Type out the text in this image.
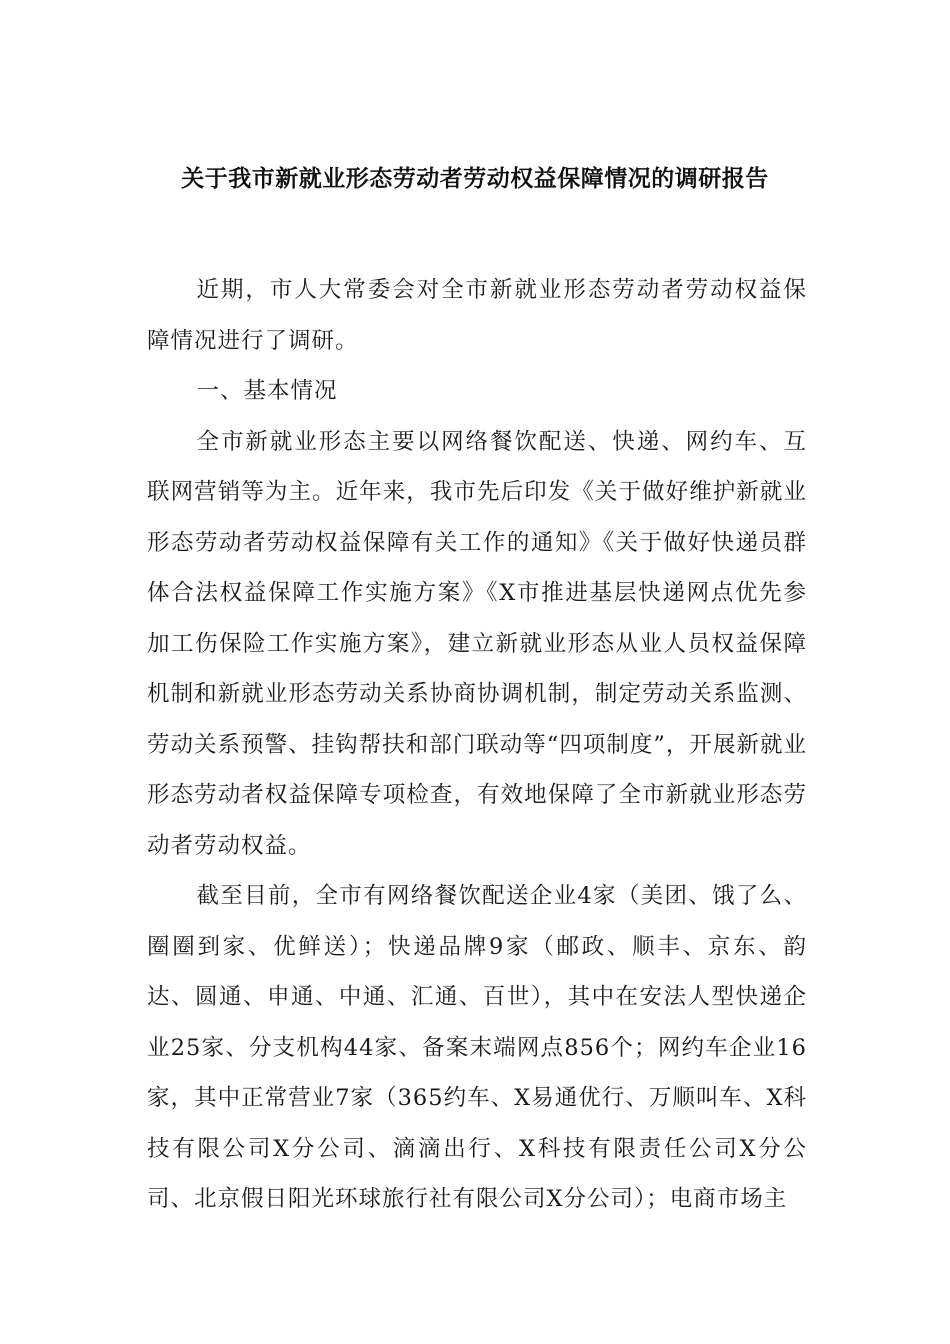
关于我市新就业形态劳动者劳动权益保障情况的调研报告

近期，市人大常委会对全市新就业形态劳动者劳动权益保障情况进行了调研。

一、基本情况

全市新就业形态主要以网络餐饮配送、快递、网约车、互联网营销等为主。近年来，我市先后印发《关于做好维护新就业形态劳动者劳动权益保障有关工作的通知》《关于做好快递员群体合法权益保障工作实施方案》《X市推进基层快递网点优先参加工伤保险工作实施方案》，建立新就业形态从业人员权益保障机制和新就业形态劳动关系协商协调机制，制定劳动关系监测、劳动关系预警、挂钩帮扶和部门联动等“四项制度”，开展新就业形态劳动者权益保障专项检查，有效地保障了全市新就业形态劳动者劳动权益。

截至目前，全市有网络餐饮配送企业4家（美团、饿了么、圈圈到家、优鲜送）；快递品牌9家（邮政、顺丰、京东、韵达、圆通、申通、中通、汇通、百世），其中在安法人型快递企业25家、分支机构44家、备案末端网点856个；网约车企业16家，其中正常营业7家（365约车、X易通优行、万顺叫车、X科技有限公司X分公司、滴滴出行、X科技有限责任公司X分公司、北京假日阳光环球旅行社有限公司X分公司）；电商市场主
